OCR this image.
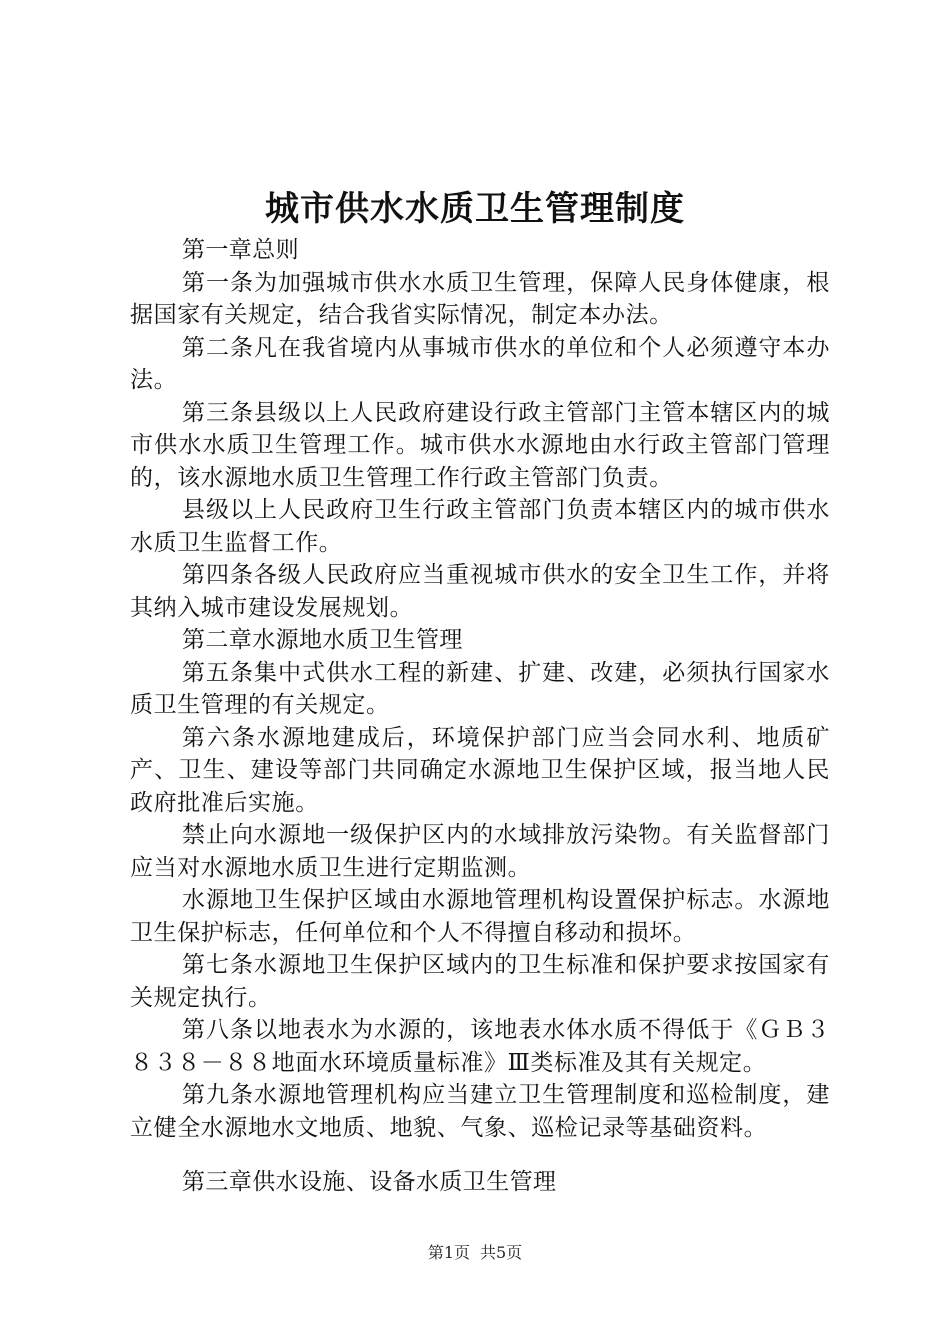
城市供水水质卫生管理制度

第一章总则

第一条为加强城市供水水质卫生管理，保障人民身体健康，根据国家有关规定，结合我省实际情况，制定本办法。

第二条凡在我省境内从事城市供水的单位和个人必须遵守本办法。

第三条县级以上人民政府建设行政主管部门主管本辖区内的城市供水水质卫生管理工作。城市供水水源地由水行政主管部门管理的，该水源地水质卫生管理工作行政主管部门负责。

县级以上人民政府卫生行政主管部门负责本辖区内的城市供水水质卫生监督工作。

第四条各级人民政府应当重视城市供水的安全卫生工作，并将其纳入城市建设发展规划。

第二章水源地水质卫生管理

第五条集中式供水工程的新建、扩建、改建，必须执行国家水质卫生管理的有关规定。

第六条水源地建成后，环境保护部门应当会同水利、地质矿产、卫生、建设等部门共同确定水源地卫生保护区域，报当地人民政府批准后实施。

禁止向水源地一级保护区内的水域排放污染物。有关监督部门应当对水源地水质卫生进行定期监测。

水源地卫生保护区域由水源地管理机构设置保护标志。水源地卫生保护标志，任何单位和个人不得擅自移动和损坏。

第七条水源地卫生保护区域内的卫生标准和保护要求按国家有关规定执行。

第八条以地表水为水源的，该地表水体水质不得低于《ＧＢ３８３８－８８地面水环境质量标准》Ⅲ类标准及其有关规定。

第九条水源地管理机构应当建立卫生管理制度和巡检制度，建立健全水源地水文地质、地貌、气象、巡检记录等基础资料。

第三章供水设施、设备水质卫生管理

第1页 共5页
